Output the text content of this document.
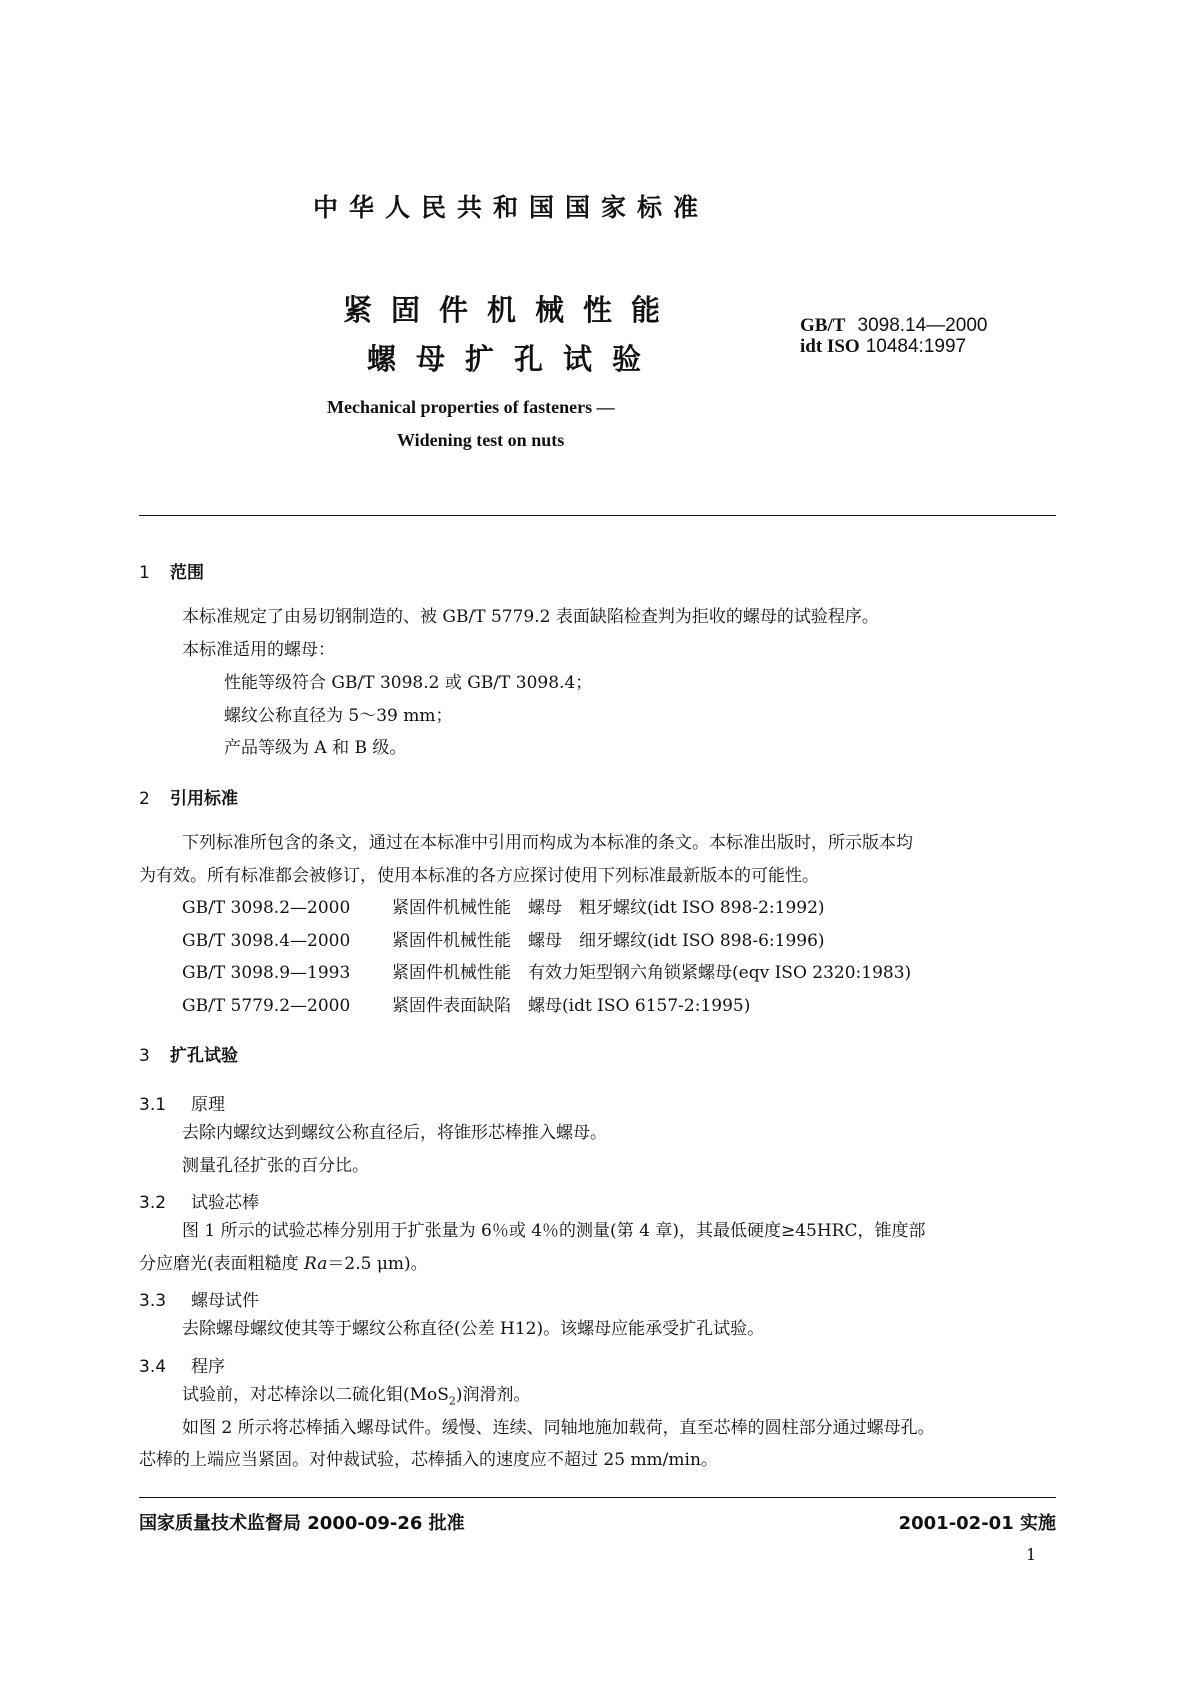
中华人民共和国国家标准
紧固件机械性能
螺母扩孔试验
GB/T 3098.14—2000
idt ISO 10484:1997
Mechanical properties of fasteners —
Widening test on nuts
1 范围
本标准规定了由易切钢制造的、被 GB/T 5779.2 表面缺陷检查判为拒收的螺母的试验程序。
本标准适用的螺母：
性能等级符合 GB/T 3098.2 或 GB/T 3098.4；
螺纹公称直径为 5～39 mm；
产品等级为 A 和 B 级。
2 引用标准
下列标准所包含的条文，通过在本标准中引用而构成为本标准的条文。本标准出版时，所示版本均
为有效。所有标准都会被修订，使用本标准的各方应探讨使用下列标准最新版本的可能性。
GB/T 3098.2—2000 紧固件机械性能　螺母　粗牙螺纹(idt ISO 898-2:1992)
GB/T 3098.4—2000 紧固件机械性能　螺母　细牙螺纹(idt ISO 898-6:1996)
GB/T 3098.9—1993 紧固件机械性能　有效力矩型钢六角锁紧螺母(eqv ISO 2320:1983)
GB/T 5779.2—2000 紧固件表面缺陷　螺母(idt ISO 6157-2:1995)
3 扩孔试验
3.1 原理
去除内螺纹达到螺纹公称直径后，将锥形芯棒推入螺母。
测量孔径扩张的百分比。
3.2 试验芯棒
图 1 所示的试验芯棒分别用于扩张量为 6％或 4％的测量(第 4 章)，其最低硬度≥45HRC，锥度部
分应磨光(表面粗糙度 Ra＝2.5 μm)。
3.3 螺母试件
去除螺母螺纹使其等于螺纹公称直径(公差 H12)。该螺母应能承受扩孔试验。
3.4 程序
试验前，对芯棒涂以二硫化钼(MoS$_2$)润滑剂。
如图 2 所示将芯棒插入螺母试件。缓慢、连续、同轴地施加载荷，直至芯棒的圆柱部分通过螺母孔。
芯棒的上端应当紧固。对仲裁试验，芯棒插入的速度应不超过 25 mm/min。
国家质量技术监督局 2000-09-26 批准	2001-02-01 实施
1
